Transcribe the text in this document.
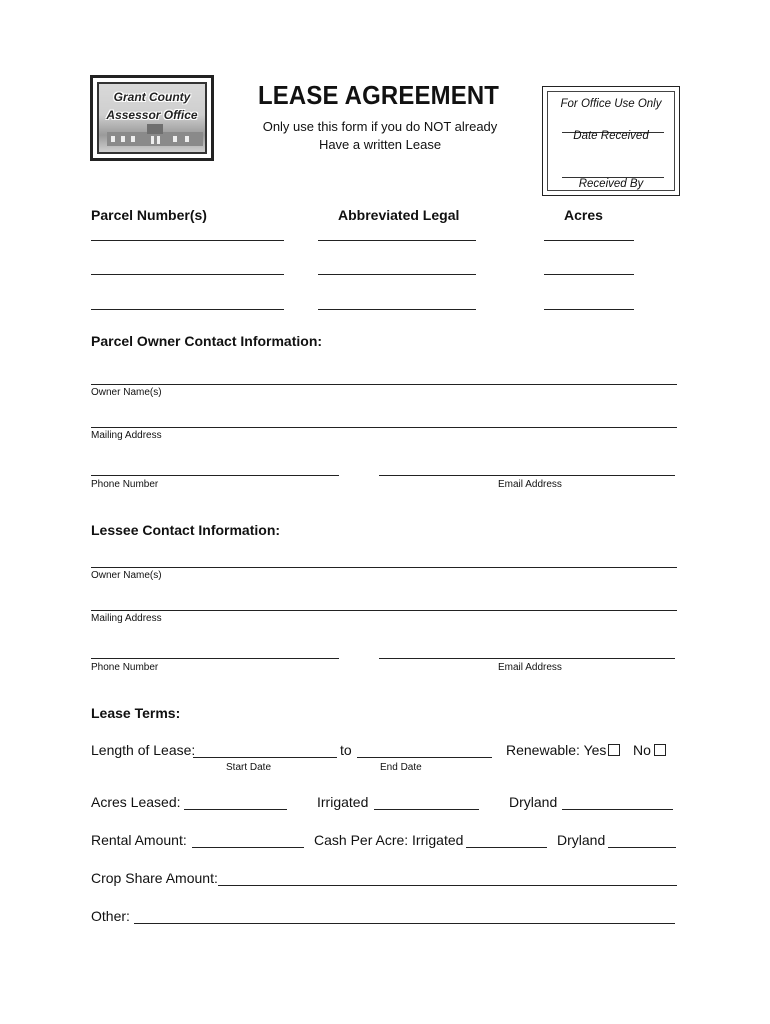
Grant County
Assessor Office
LEASE AGREEMENT
Only use this form if you do NOT already
Have a written Lease
For Office Use Only
Date Received
Received By
Parcel Number(s)	Abbreviated Legal	Acres
Parcel Owner Contact Information:
Owner Name(s)
Mailing Address
Phone Number	Email Address
Lessee Contact Information:
Owner Name(s)
Mailing Address
Phone Number	Email Address
Lease Terms:
Length of Lease:	to	Renewable: Yes No
Start Date	End Date
Acres Leased:	Irrigated	Dryland
Rental Amount:	Cash Per Acre: Irrigated	Dryland
Crop Share Amount:
Other:
